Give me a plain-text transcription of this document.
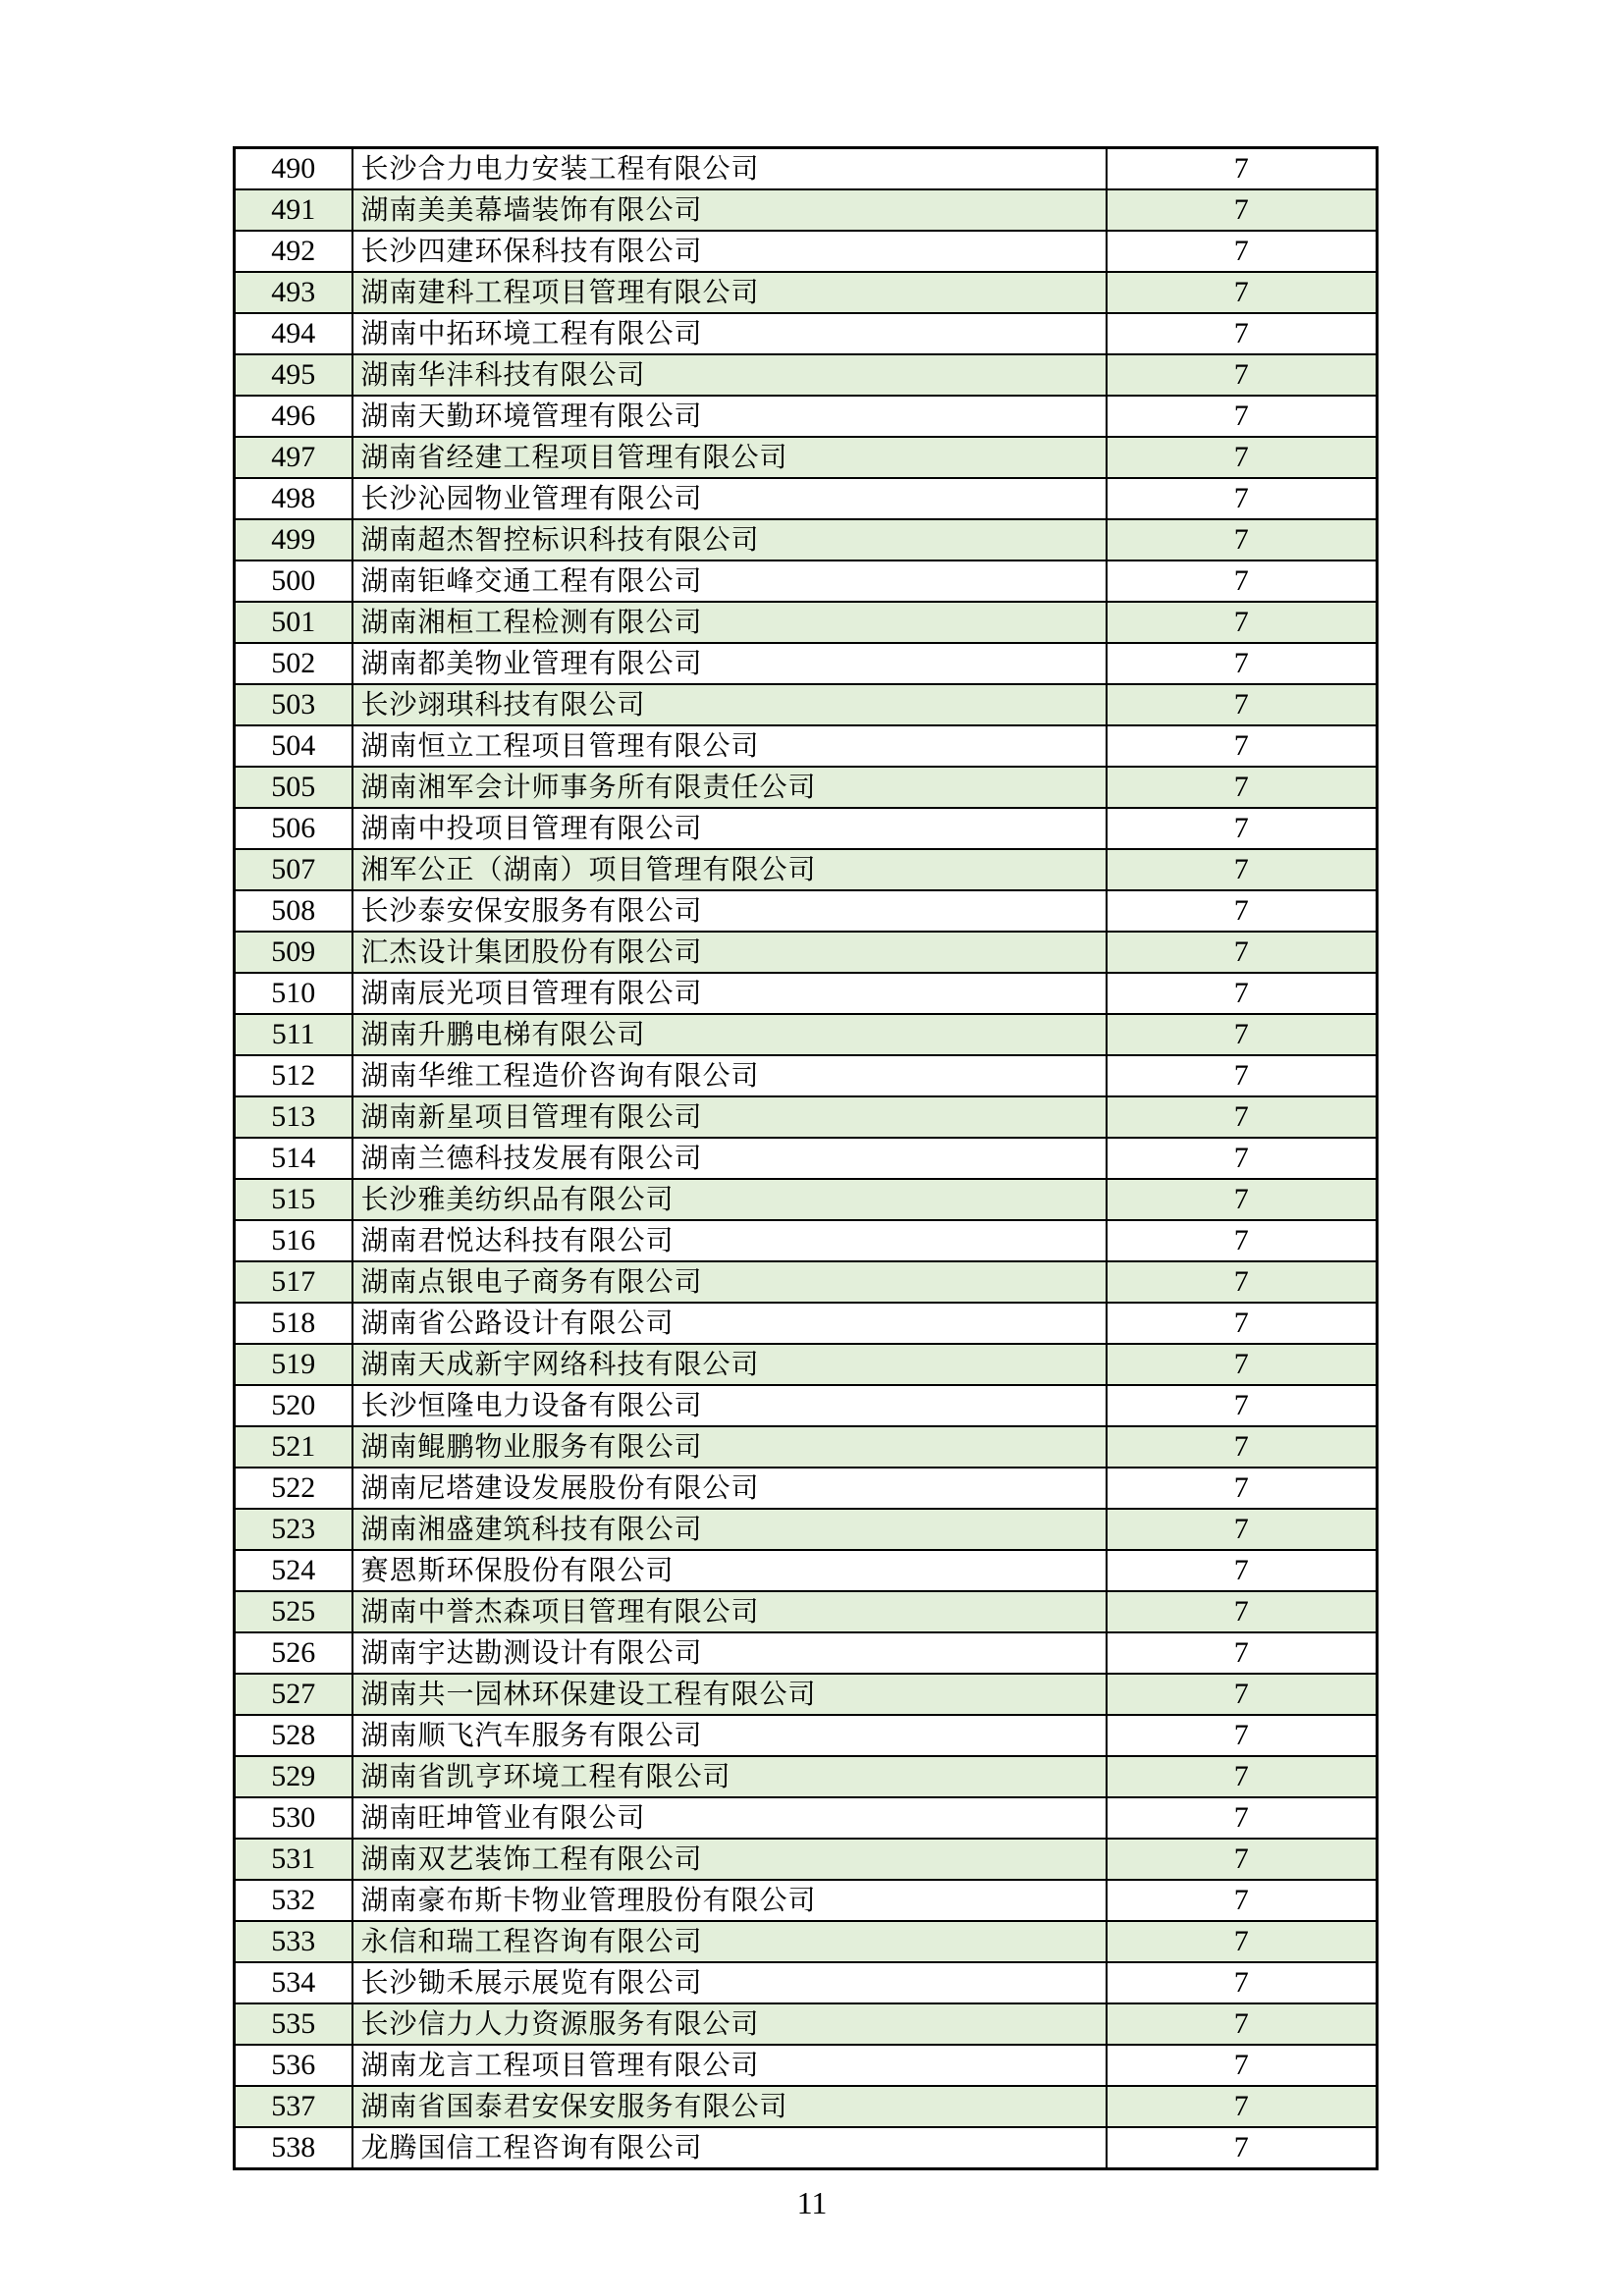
490	长沙合力电力安装工程有限公司	7
491	湖南美美幕墙装饰有限公司	7
492	长沙四建环保科技有限公司	7
493	湖南建科工程项目管理有限公司	7
494	湖南中拓环境工程有限公司	7
495	湖南华沣科技有限公司	7
496	湖南天勤环境管理有限公司	7
497	湖南省经建工程项目管理有限公司	7
498	长沙沁园物业管理有限公司	7
499	湖南超杰智控标识科技有限公司	7
500	湖南钜峰交通工程有限公司	7
501	湖南湘桓工程检测有限公司	7
502	湖南都美物业管理有限公司	7
503	长沙翊琪科技有限公司	7
504	湖南恒立工程项目管理有限公司	7
505	湖南湘军会计师事务所有限责任公司	7
506	湖南中投项目管理有限公司	7
507	湘军公正（湖南）项目管理有限公司	7
508	长沙泰安保安服务有限公司	7
509	汇杰设计集团股份有限公司	7
510	湖南辰光项目管理有限公司	7
511	湖南升鹏电梯有限公司	7
512	湖南华维工程造价咨询有限公司	7
513	湖南新星项目管理有限公司	7
514	湖南兰德科技发展有限公司	7
515	长沙雅美纺织品有限公司	7
516	湖南君悦达科技有限公司	7
517	湖南点银电子商务有限公司	7
518	湖南省公路设计有限公司	7
519	湖南天成新宇网络科技有限公司	7
520	长沙恒隆电力设备有限公司	7
521	湖南鲲鹏物业服务有限公司	7
522	湖南尼塔建设发展股份有限公司	7
523	湖南湘盛建筑科技有限公司	7
524	赛恩斯环保股份有限公司	7
525	湖南中誉杰森项目管理有限公司	7
526	湖南宇达勘测设计有限公司	7
527	湖南共一园林环保建设工程有限公司	7
528	湖南顺飞汽车服务有限公司	7
529	湖南省凯亨环境工程有限公司	7
530	湖南旺坤管业有限公司	7
531	湖南双艺装饰工程有限公司	7
532	湖南豪布斯卡物业管理股份有限公司	7
533	永信和瑞工程咨询有限公司	7
534	长沙锄禾展示展览有限公司	7
535	长沙信力人力资源服务有限公司	7
536	湖南龙言工程项目管理有限公司	7
537	湖南省国泰君安保安服务有限公司	7
538	龙腾国信工程咨询有限公司	7
11
